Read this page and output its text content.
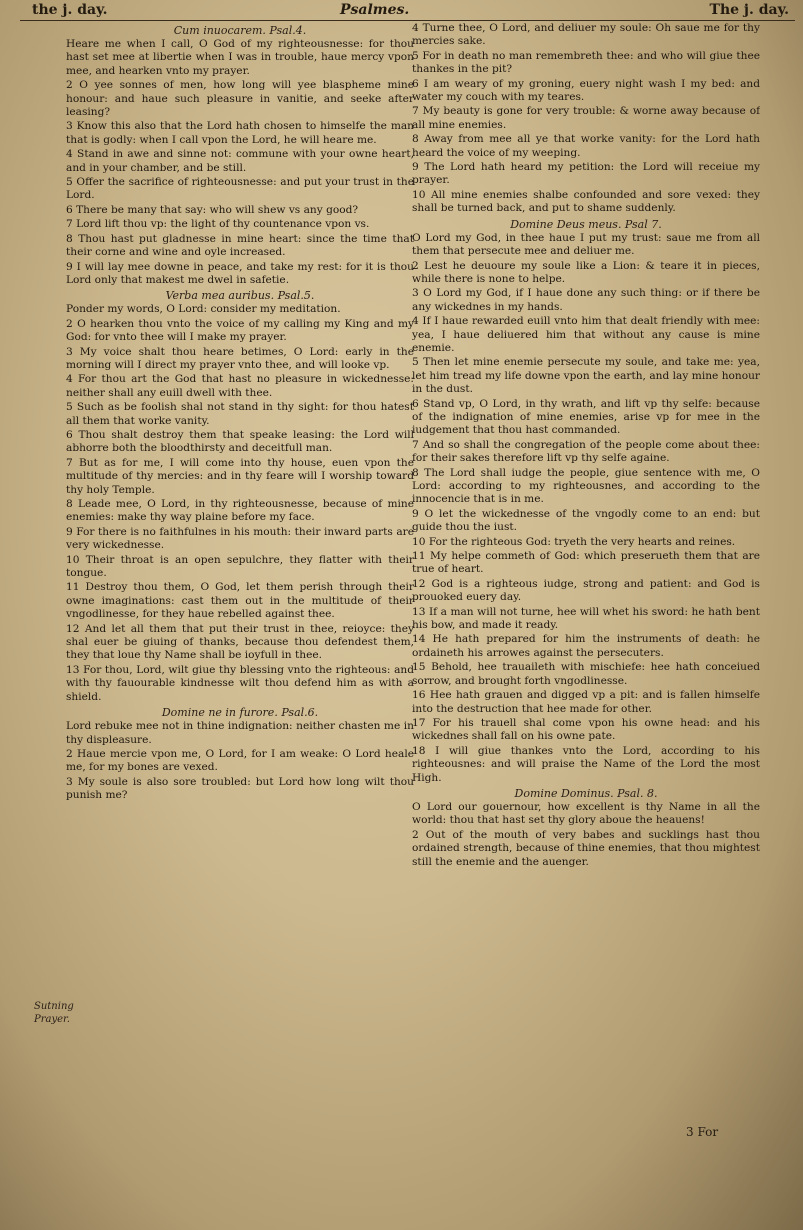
the j. day.	Psalmes.	The j. day.
Cum inuocarem. Psal.4.

Heare me when I call, O God of my righteousnesse: for thou hast set mee at libertie when I was in trouble, haue mercy vpon mee, and hearken vnto my prayer.

2 O yee sonnes of men, how long will yee blaspheme mine honour: and haue such pleasure in vanitie, and seeke after leasing?

3 Know this also that the Lord hath chosen to himselfe the man that is godly: when I call vpon the Lord, he will heare me.

4 Stand in awe and sinne not: commune with your owne heart, and in your chamber, and be still.

5 Offer the sacrifice of righteousnesse: and put your trust in the Lord.

6 There be many that say: who will shew vs any good?

7 Lord lift thou vp: the light of thy countenance vpon vs.

8 Thou hast put gladnesse in mine heart: since the time that their corne and wine and oyle increased.

9 I will lay mee downe in peace, and take my rest: for it is thou Lord only that makest me dwel in safetie.

Verba mea auribus. Psal.5.

Ponder my words, O Lord: consider my meditation.

2 O hearken thou vnto the voice of my calling my King and my God: for vnto thee will I make my prayer.

3 My voice shalt thou heare betimes, O Lord: early in the morning will I direct my prayer vnto thee, and will looke vp.

4 For thou art the God that hast no pleasure in wickednesse: neither shall any euill dwell with thee.

5 Such as be foolish shal not stand in thy sight: for thou hatest all them that worke vanity.

6 Thou shalt destroy them that speake leasing: the Lord will abhorre both the bloodthirsty and deceitfull man.

7 But as for me, I will come into thy house, euen vpon the multitude of thy mercies: and in thy feare will I worship toward thy holy Temple.

8 Leade mee, O Lord, in thy righteousnesse, because of mine enemies: make thy way plaine before my face.

9 For there is no faithfulnes in his mouth: their inward parts are very wickednesse.

10 Their throat is an open sepulchre, they flatter with their tongue.

11 Destroy thou them, O God, let them perish through their owne imaginations: cast them out in the multitude of their vngodlinesse, for they haue rebelled against thee.

12 And let all them that put their trust in thee, reioyce: they shal euer be giuing of thanks, because thou defendest them, they that loue thy Name shall be ioyfull in thee.

13 For thou, Lord, wilt giue thy blessing vnto the righteous: and with thy fauourable kindnesse wilt thou defend him as with a shield.

Domine ne in furore. Psal.6.

Lord rebuke mee not in thine indignation: neither chasten me in thy displeasure.

2 Haue mercie vpon me, O Lord, for I am weake: O Lord heale me, for my bones are vexed.

3 My soule is also sore troubled: but Lord how long wilt thou punish me?

4 Turne thee, O Lord, and deliuer my soule: Oh saue me for thy mercies sake.

5 For in death no man remembreth thee: and who will giue thee thankes in the pit?

6 I am weary of my groning, euery night wash I my bed: and water my couch with my teares.

7 My beauty is gone for very trouble: & worne away because of all mine enemies.

8 Away from mee all ye that worke vanity: for the Lord hath heard the voice of my weeping.

9 The Lord hath heard my petition: the Lord will receiue my prayer.

10 All mine enemies shalbe confounded and sore vexed: they shall be turned back, and put to shame suddenly.

Domine Deus meus. Psal 7.

O Lord my God, in thee haue I put my trust: saue me from all them that persecute mee and deliuer me.

2 Lest he deuoure my soule like a Lion: & teare it in pieces, while there is none to helpe.

3 O Lord my God, if I haue done any such thing: or if there be any wickednes in my hands.

4 If I haue rewarded euill vnto him that dealt friendly with mee: yea, I haue deliuered him that without any cause is mine enemie.

5 Then let mine enemie persecute my soule, and take me: yea, let him tread my life downe vpon the earth, and lay mine honour in the dust.

6 Stand vp, O Lord, in thy wrath, and lift vp thy selfe: because of the indignation of mine enemies, arise vp for mee in the iudgement that thou hast commanded.

7 And so shall the congregation of the people come about thee: for their sakes therefore lift vp thy selfe againe.

8 The Lord shall iudge the people, giue sentence with me, O Lord: according to my righteousnes, and according to the innocencie that is in me.

9 O let the wickednesse of the vngodly come to an end: but guide thou the iust.

10 For the righteous God: tryeth the very hearts and reines.

11 My helpe commeth of God: which preserueth them that are true of heart.

12 God is a righteous iudge, strong and patient: and God is prouoked euery day.

13 If a man will not turne, hee will whet his sword: he hath bent his bow, and made it ready.

14 He hath prepared for him the instruments of death: he ordaineth his arrowes against the persecuters.

15 Behold, hee trauaileth with mischiefe: hee hath conceiued sorrow, and brought forth vngodlinesse.

16 Hee hath grauen and digged vp a pit: and is fallen himselfe into the destruction that hee made for other.

17 For his trauell shal come vpon his owne head: and his wickednes shall fall on his owne pate.

18 I will giue thankes vnto the Lord, according to his righteousnes: and will praise the Name of the Lord the most High.

Domine Dominus. Psal. 8.

O Lord our gouernour, how excellent is thy Name in all the world: thou that hast set thy glory aboue the heauens!

2 Out of the mouth of very babes and sucklings hast thou ordained strength, because of thine enemies, that thou mightest still the enemie and the auenger.

Sutning Prayer.
3 For
